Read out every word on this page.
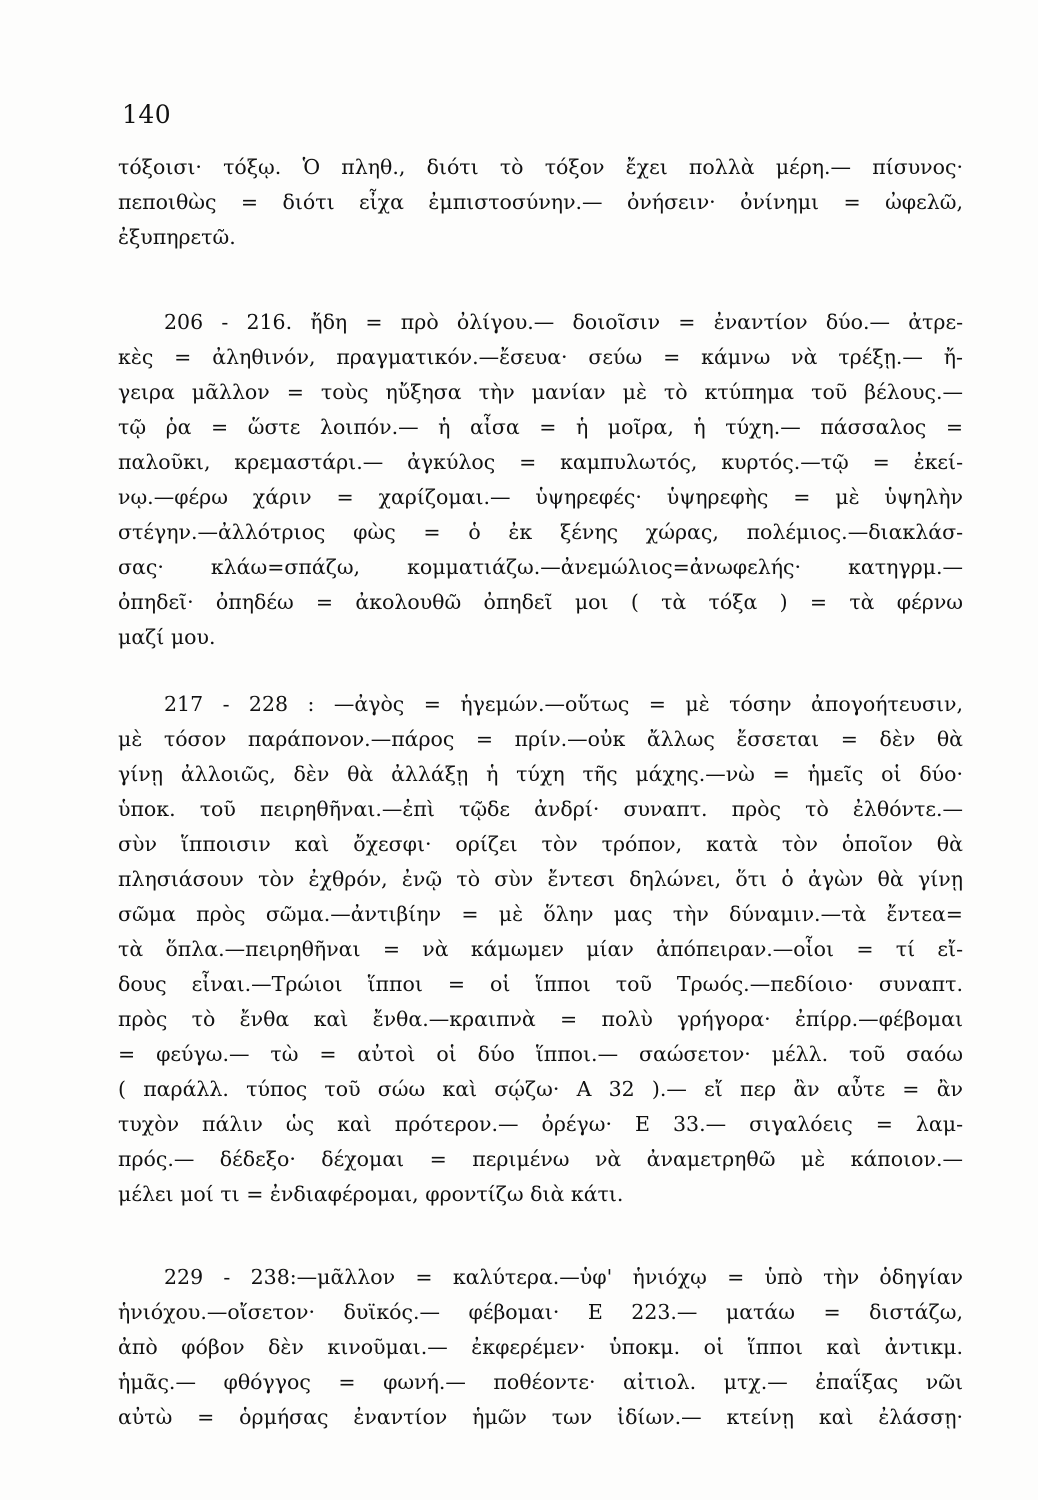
140
τόξοισι· τόξῳ. Ὁ πληθ., διότι τὸ τόξον ἔχει πολλὰ μέρη.— πίσυνος·
πεποιθὼς = διότι εἶχα ἐμπιστοσύνην.— ὀνήσειν· ὀνίνημι = ὠφελῶ,
ἐξυπηρετῶ.
206 - 216. ἤδη = πρὸ ὀλίγου.— δοιοῖσιν = ἐναντίον δύο.— ἀτρε-
κὲς = ἀληθινόν, πραγματικόν.—ἔσευα· σεύω = κάμνω νὰ τρέξῃ.— ἤ-
γειρα μᾶλλον = τοὺς ηὔξησα τὴν μανίαν μὲ τὸ κτύπημα τοῦ βέλους.—
τῷ ῥα = ὥστε λοιπόν.— ἡ αἶσα = ἡ μοῖρα, ἡ τύχη.— πάσσαλος =
παλοῦκι, κρεμαστάρι.— ἀγκύλος = καμπυλωτός, κυρτός.—τῷ = ἐκεί-
νῳ.—φέρω χάριν = χαρίζομαι.— ὑψηρεφές· ὑψηρεφὴς = μὲ ὑψηλὴν
στέγην.—ἀλλότριος φὼς = ὁ ἐκ ξένης χώρας, πολέμιος.—διακλάσ-
σας· κλάω=σπάζω, κομματιάζω.—ἀνεμώλιος=ἀνωφελής· κατηγρμ.—
ὀπηδεῖ· ὀπηδέω = ἀκολουθῶ ὀπηδεῖ μοι ( τὰ τόξα ) = τὰ φέρνω
μαζί μου.
217 - 228 : —ἀγὸς = ἡγεμών.—οὕτως = μὲ τόσην ἀπογοήτευσιν,
μὲ τόσον παράπονον.—πάρος = πρίν.—οὐκ ἄλλως ἔσσεται = δὲν θὰ
γίνῃ ἀλλοιῶς, δὲν θὰ ἀλλάξῃ ἡ τύχη τῆς μάχης.—νὼ = ἡμεῖς οἱ δύο·
ὑποκ. τοῦ πειρηθῆναι.—ἐπὶ τῷδε ἀνδρί· συναπτ. πρὸς τὸ ἐλθόντε.—
σὺν ἵπποισιν καὶ ὄχεσφι· ορίζει τὸν τρόπον, κατὰ τὸν ὁποῖον θὰ
πλησιάσουν τὸν ἐχθρόν, ἐνῷ τὸ σὺν ἔντεσι δηλώνει, ὅτι ὁ ἀγὼν θὰ γίνῃ
σῶμα πρὸς σῶμα.—ἀντιβίην = μὲ ὅλην μας τὴν δύναμιν.—τὰ ἔντεα=
τὰ ὅπλα.—πειρηθῆναι = νὰ κάμωμεν μίαν ἀπόπειραν.—οἷοι = τί εἴ-
δους εἶναι.—Τρώιοι ἵπποι = οἱ ἵπποι τοῦ Τρωός.—πεδίοιο· συναπτ.
πρὸς τὸ ἔνθα καὶ ἔνθα.—κραιπνὰ = πολὺ γρήγορα· ἐπίρρ.—φέβομαι
= φεύγω.— τὼ = αὐτοὶ οἱ δύο ἵπποι.— σαώσετον· μέλλ. τοῦ σαόω
( παράλλ. τύπος τοῦ σώω καὶ σῴζω· Α 32 ).— εἴ περ ἂν αὖτε = ἂν
τυχὸν πάλιν ὡς καὶ πρότερον.— ὀρέγω· Ε 33.— σιγαλόεις = λαμ-
πρός.— δέδεξο· δέχομαι = περιμένω νὰ ἀναμετρηθῶ μὲ κάποιον.—
μέλει μοί τι = ἐνδιαφέρομαι, φροντίζω διὰ κάτι.
229 - 238:—μᾶλλον = καλύτερα.—ὑφ' ἡνιόχῳ = ὑπὸ τὴν ὁδηγίαν
ἡνιόχου.—οἴσετον· δυϊκός.— φέβομαι· Ε 223.— ματάω = διστάζω,
ἀπὸ φόβον δὲν κινοῦμαι.— ἐκφερέμεν· ὑποκμ. οἱ ἵπποι καὶ ἀντικμ.
ἡμᾶς.— φθόγγος = φωνή.— ποθέοντε· αἰτιολ. μτχ.— ἐπαΐξας νῶι
αὐτὼ = ὁρμήσας ἐναντίον ἡμῶν των ἰδίων.— κτείνῃ καὶ ἐλάσσῃ·
